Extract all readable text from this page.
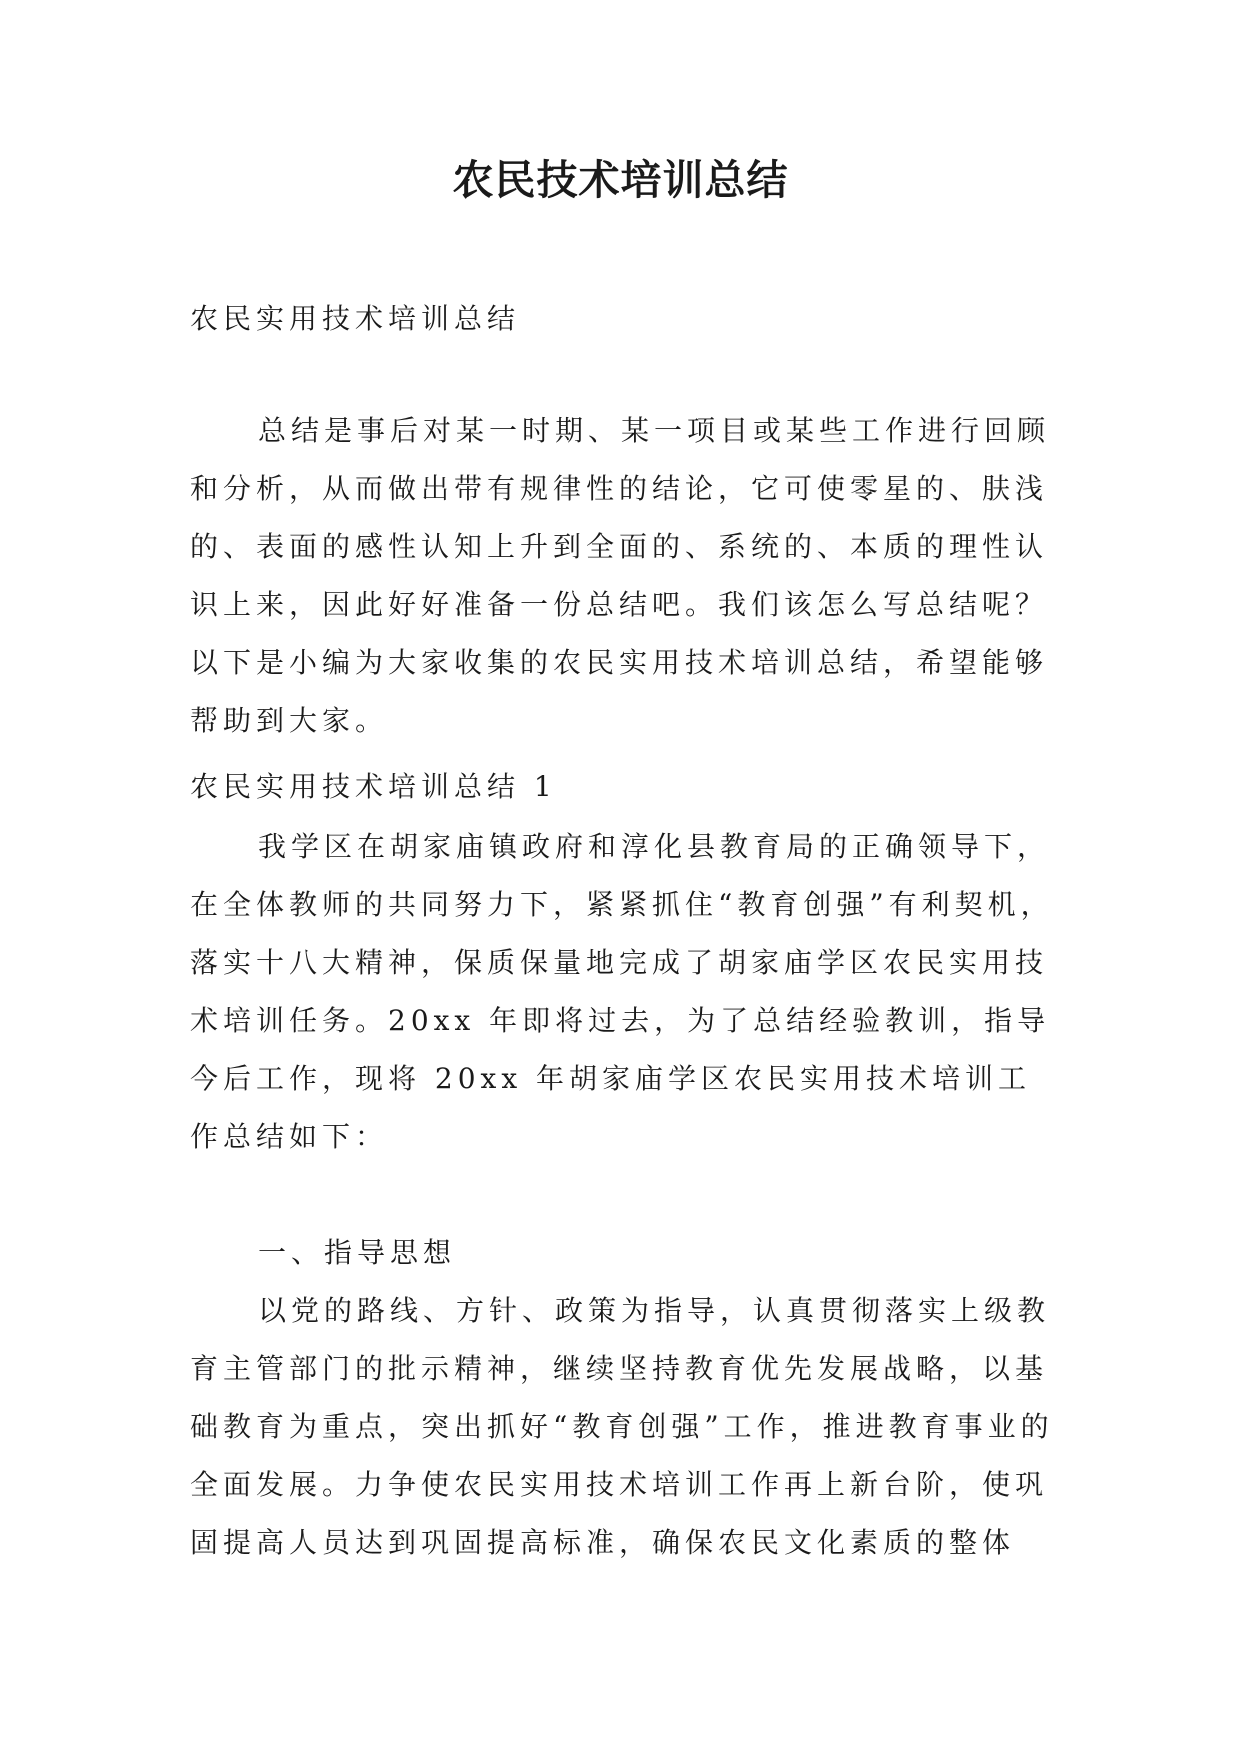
农民技术培训总结

农民实用技术培训总结

总结是事后对某一时期、某一项目或某些工作进行回顾和分析，从而做出带有规律性的结论，它可使零星的、肤浅的、表面的感性认知上升到全面的、系统的、本质的理性认识上来，因此好好准备一份总结吧。我们该怎么写总结呢？以下是小编为大家收集的农民实用技术培训总结，希望能够帮助到大家。

农民实用技术培训总结 1

我学区在胡家庙镇政府和淳化县教育局的正确领导下，在全体教师的共同努力下，紧紧抓住“教育创强”有利契机，落实十八大精神，保质保量地完成了胡家庙学区农民实用技术培训任务。20xx 年即将过去，为了总结经验教训，指导今后工作，现将 20xx 年胡家庙学区农民实用技术培训工作总结如下：

一、指导思想

以党的路线、方针、政策为指导，认真贯彻落实上级教育主管部门的批示精神，继续坚持教育优先发展战略，以基础教育为重点，突出抓好“教育创强”工作，推进教育事业的全面发展。力争使农民实用技术培训工作再上新台阶，使巩固提高人员达到巩固提高标准，确保农民文化素质的整体
